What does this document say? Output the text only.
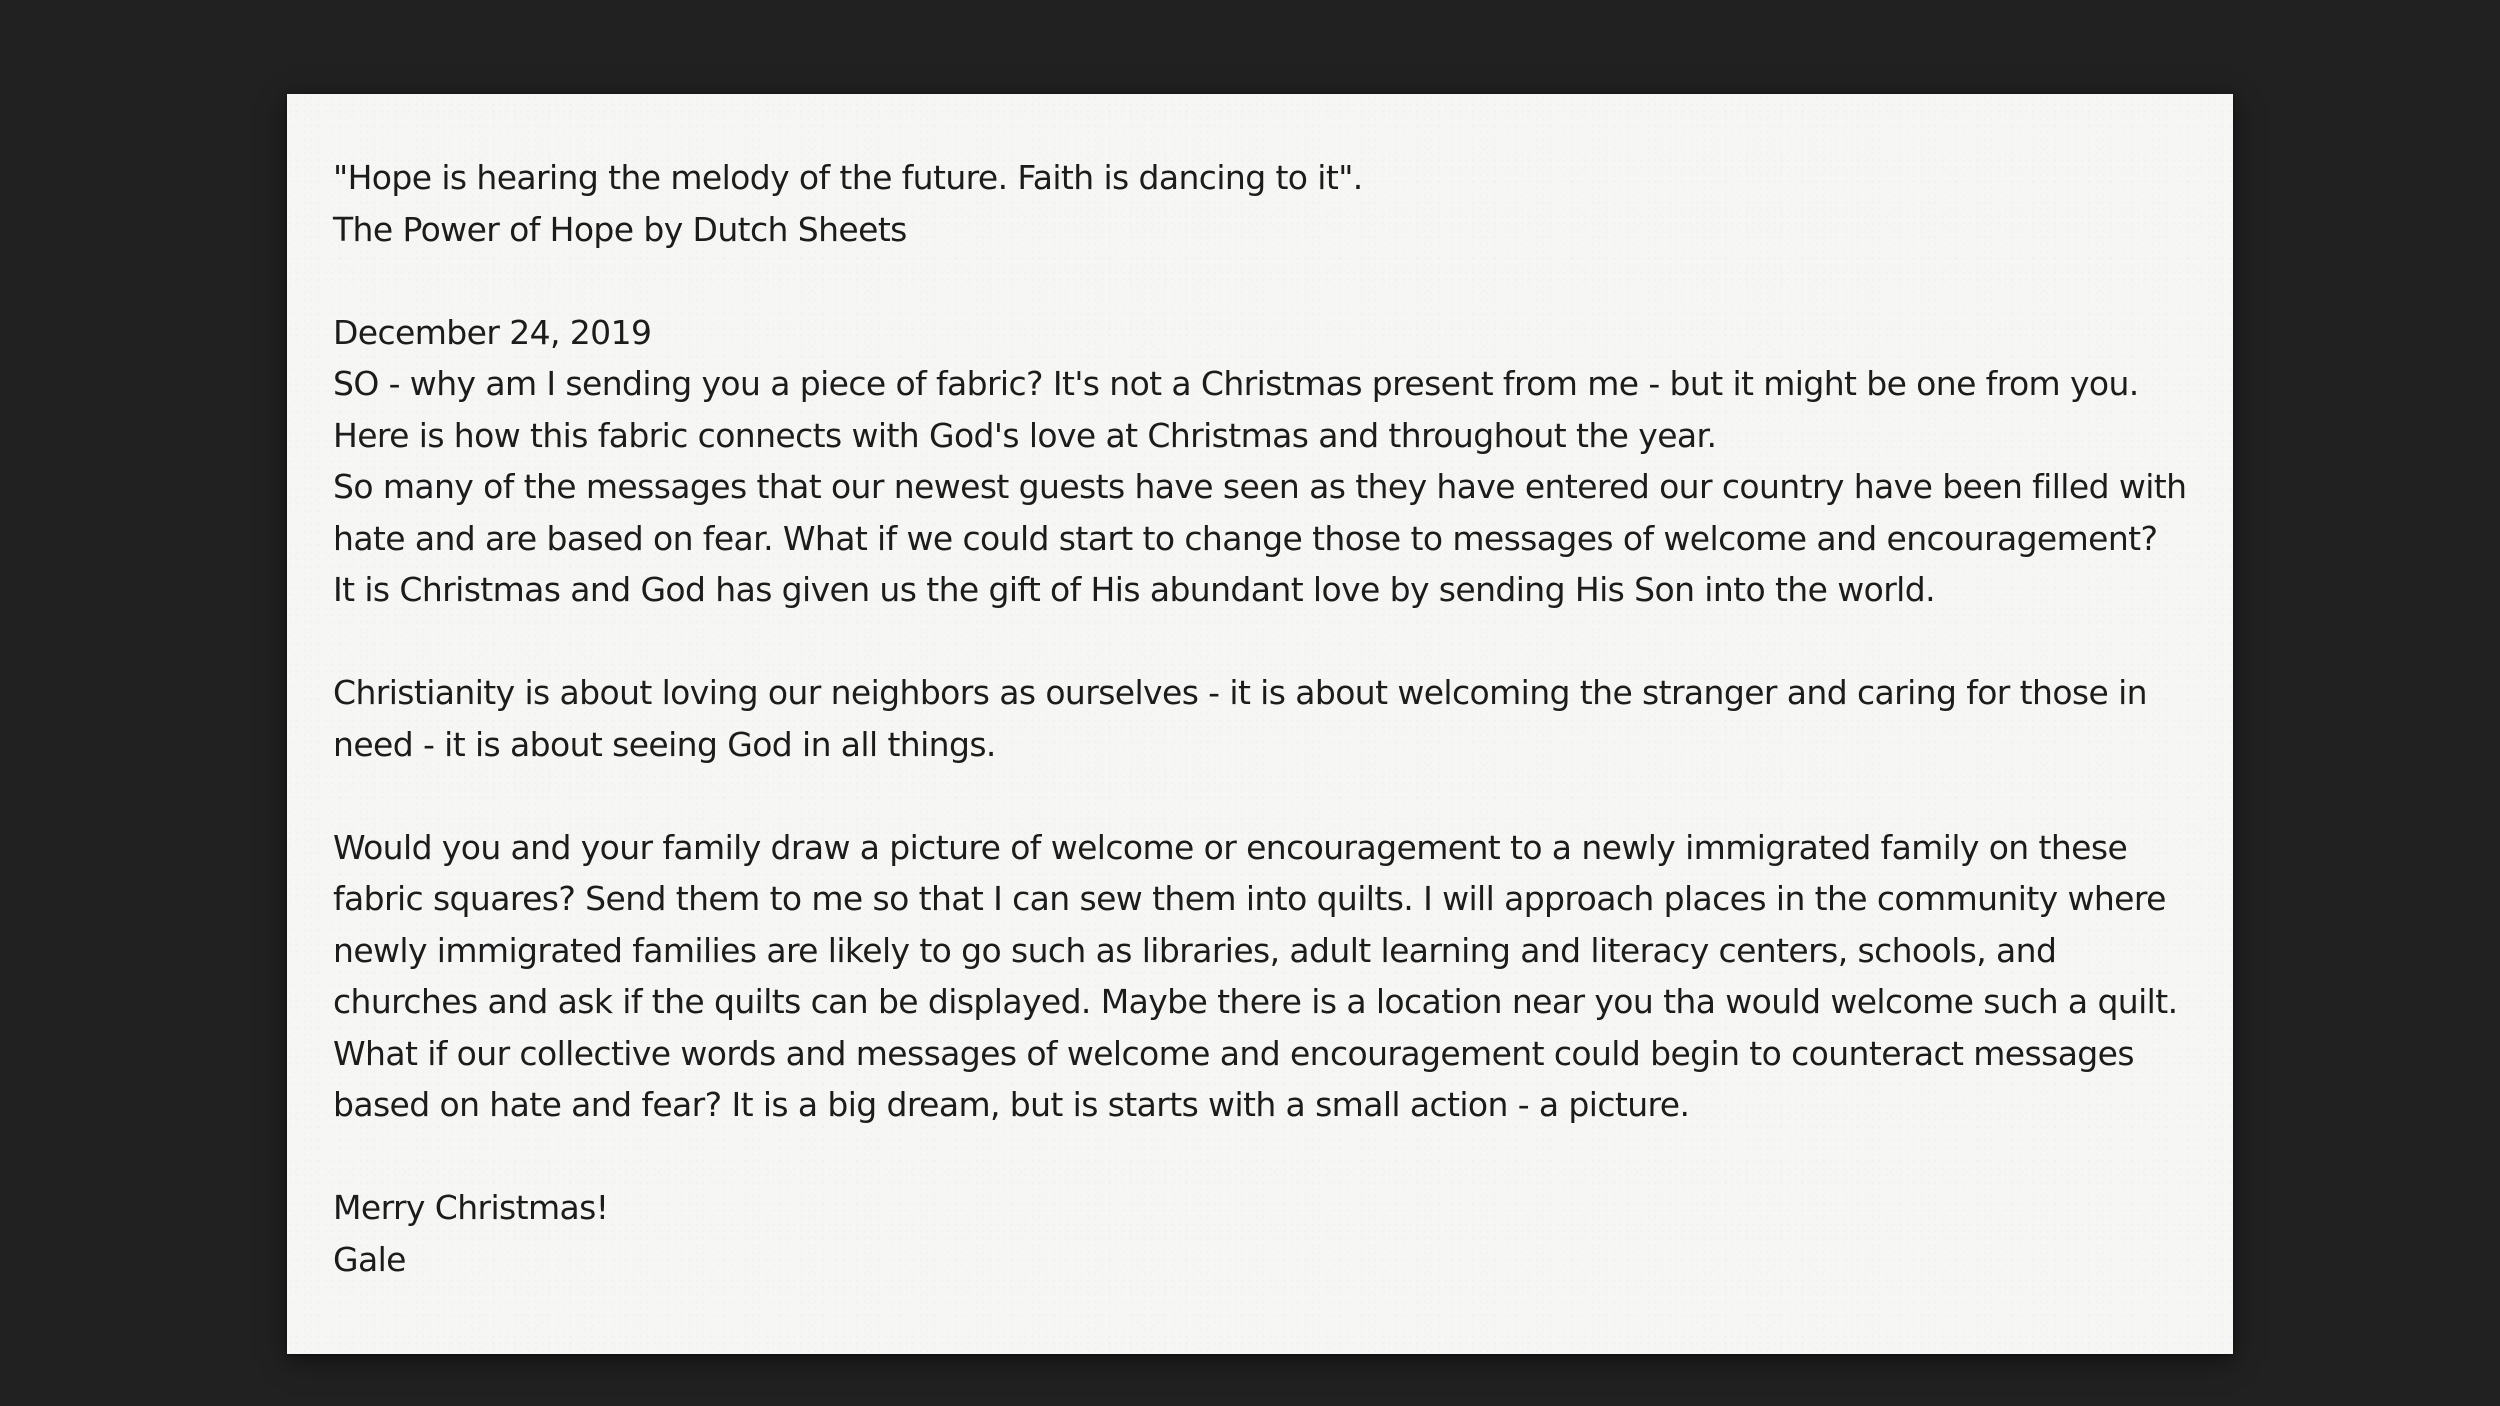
"Hope is hearing the melody of the future. Faith is dancing to it".
The Power of Hope by Dutch Sheets
December 24, 2019
SO - why am I sending you a piece of fabric? It's not a Christmas present from me - but it might be one from you. Here is how this fabric connects with God's love at Christmas and throughout the year.
So many of the messages that our newest guests have seen as they have entered our country have been filled with hate and are based on fear. What if we could start to change those to messages of welcome and encouragement? It is Christmas and God has given us the gift of His abundant love by sending His Son into the world.
Christianity is about loving our neighbors as ourselves - it is about welcoming the stranger and caring for those in need - it is about seeing God in all things.
Would you and your family draw a picture of welcome or encouragement to a newly immigrated family on these fabric squares? Send them to me so that I can sew them into quilts. I will approach places in the community where newly immigrated families are likely to go such as libraries, adult learning and literacy centers, schools, and churches and ask if the quilts can be displayed. Maybe there is a location near you tha would welcome such a quilt. What if our collective words and messages of welcome and encouragement could begin to counteract messages based on hate and fear? It is a big dream, but is starts with a small action - a picture.
Merry Christmas!
Gale
